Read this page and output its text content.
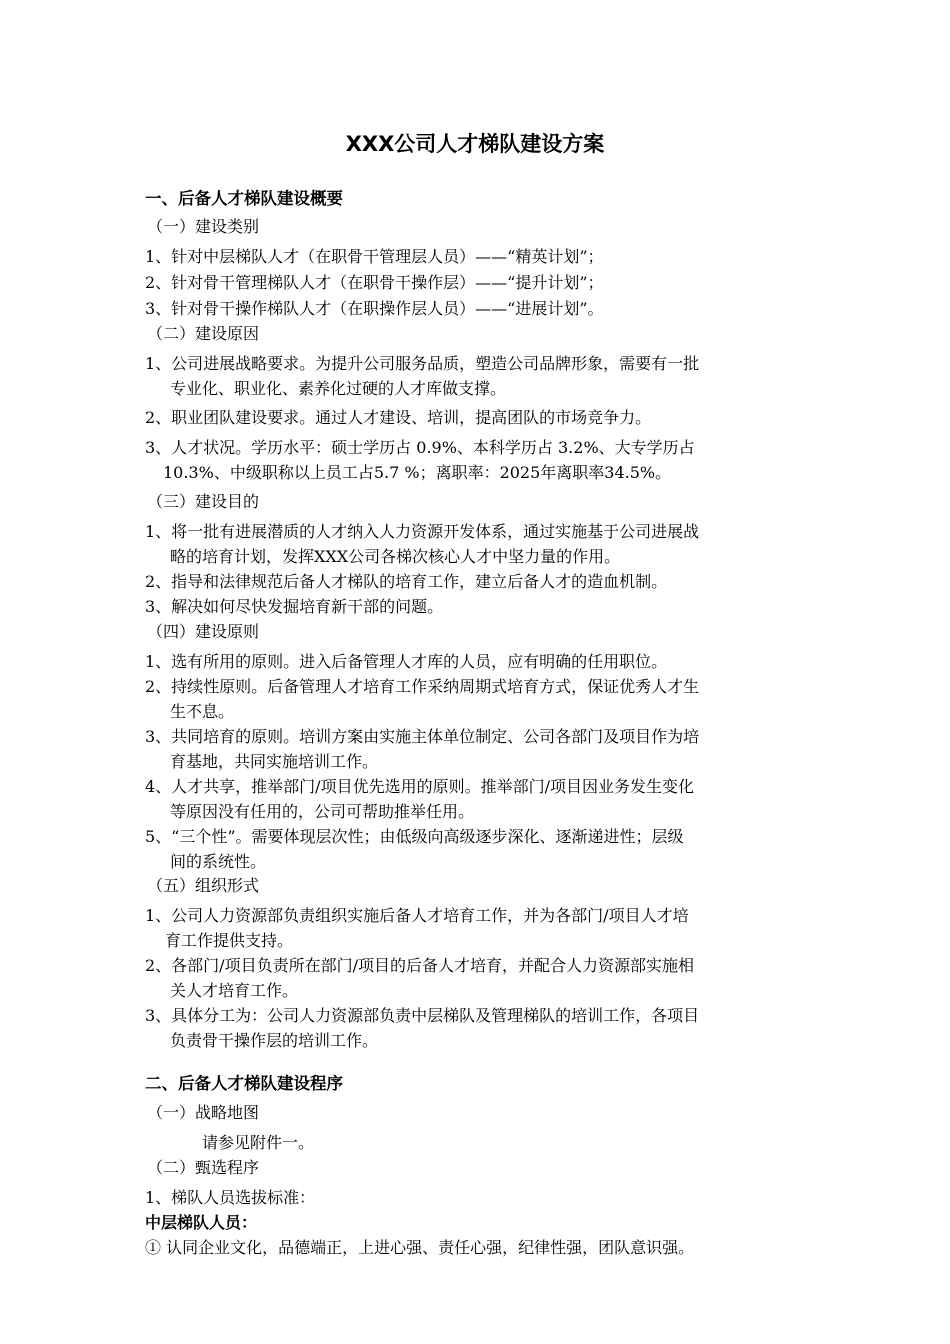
XXX公司人才梯队建设方案
一、后备人才梯队建设概要
（一）建设类别
1、针对中层梯队人才（在职骨干管理层人员）——“精英计划”；
2、针对骨干管理梯队人才（在职骨干操作层）——“提升计划”；
3、针对骨干操作梯队人才（在职操作层人员）——“进展计划”。
（二）建设原因
1、公司进展战略要求。为提升公司服务品质，塑造公司品牌形象，需要有一批
专业化、职业化、素养化过硬的人才库做支撑。
2、职业团队建设要求。通过人才建设、培训，提高团队的市场竞争力。
3、人才状况。学历水平：硕士学历占 0.9%、本科学历占 3.2%、大专学历占
10.3%、中级职称以上员工占5.7 %；离职率：2025年离职率34.5%。
（三）建设目的
1、将一批有进展潜质的人才纳入人力资源开发体系，通过实施基于公司进展战
略的培育计划，发挥XXX公司各梯次核心人才中坚力量的作用。
2、指导和法律规范后备人才梯队的培育工作，建立后备人才的造血机制。
3、解决如何尽快发掘培育新干部的问题。
（四）建设原则
1、选有所用的原则。进入后备管理人才库的人员，应有明确的任用职位。
2、持续性原则。后备管理人才培育工作采纳周期式培育方式，保证优秀人才生
生不息。
3、共同培育的原则。培训方案由实施主体单位制定、公司各部门及项目作为培
育基地，共同实施培训工作。
4、人才共享，推举部门/项目优先选用的原则。推举部门/项目因业务发生变化
等原因没有任用的，公司可帮助推举任用。
5、“三个性”。需要体现层次性；由低级向高级逐步深化、逐渐递进性；层级
间的系统性。
（五）组织形式
1、公司人力资源部负责组织实施后备人才培育工作，并为各部门/项目人才培
育工作提供支持。
2、各部门/项目负责所在部门/项目的后备人才培育，并配合人力资源部实施相
关人才培育工作。
3、具体分工为：公司人力资源部负责中层梯队及管理梯队的培训工作，各项目
负责骨干操作层的培训工作。
二、后备人才梯队建设程序
（一）战略地图
请参见附件一。
（二）甄选程序
1、梯队人员选拔标准：
中层梯队人员：
① 认同企业文化，品德端正，上进心强、责任心强，纪律性强，团队意识强。
